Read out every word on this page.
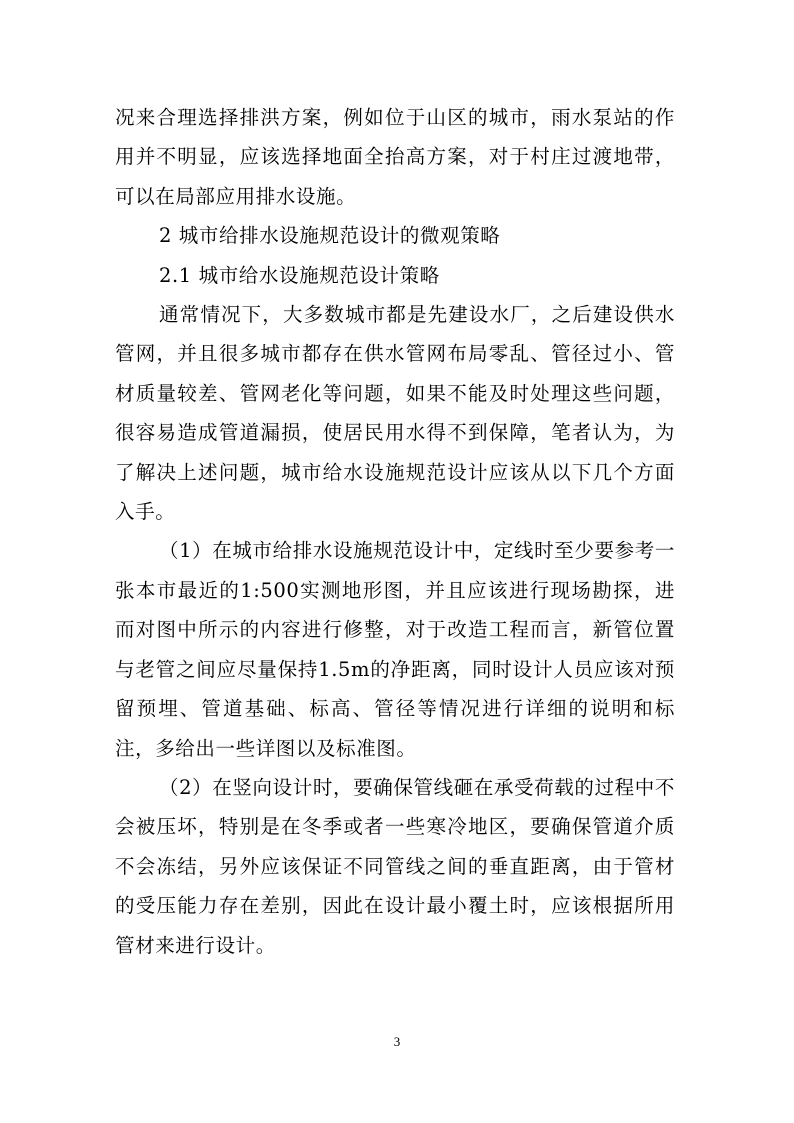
况来合理选择排洪方案，例如位于山区的城市，雨水泵站的作用并不明显，应该选择地面全抬高方案，对于村庄过渡地带，可以在局部应用排水设施。

2 城市给排水设施规范设计的微观策略

2.1 城市给水设施规范设计策略

通常情况下，大多数城市都是先建设水厂，之后建设供水管网，并且很多城市都存在供水管网布局零乱、管径过小、管材质量较差、管网老化等问题，如果不能及时处理这些问题，很容易造成管道漏损，使居民用水得不到保障，笔者认为，为了解决上述问题，城市给水设施规范设计应该从以下几个方面入手。

（1）在城市给排水设施规范设计中，定线时至少要参考一张本市最近的1:500实测地形图，并且应该进行现场勘探，进而对图中所示的内容进行修整，对于改造工程而言，新管位置与老管之间应尽量保持1.5m的净距离，同时设计人员应该对预留预埋、管道基础、标高、管径等情况进行详细的说明和标注，多给出一些详图以及标准图。

（2）在竖向设计时，要确保管线砸在承受荷载的过程中不会被压坏，特别是在冬季或者一些寒冷地区，要确保管道介质不会冻结，另外应该保证不同管线之间的垂直距离，由于管材的受压能力存在差别，因此在设计最小覆土时，应该根据所用管材来进行设计。

3
